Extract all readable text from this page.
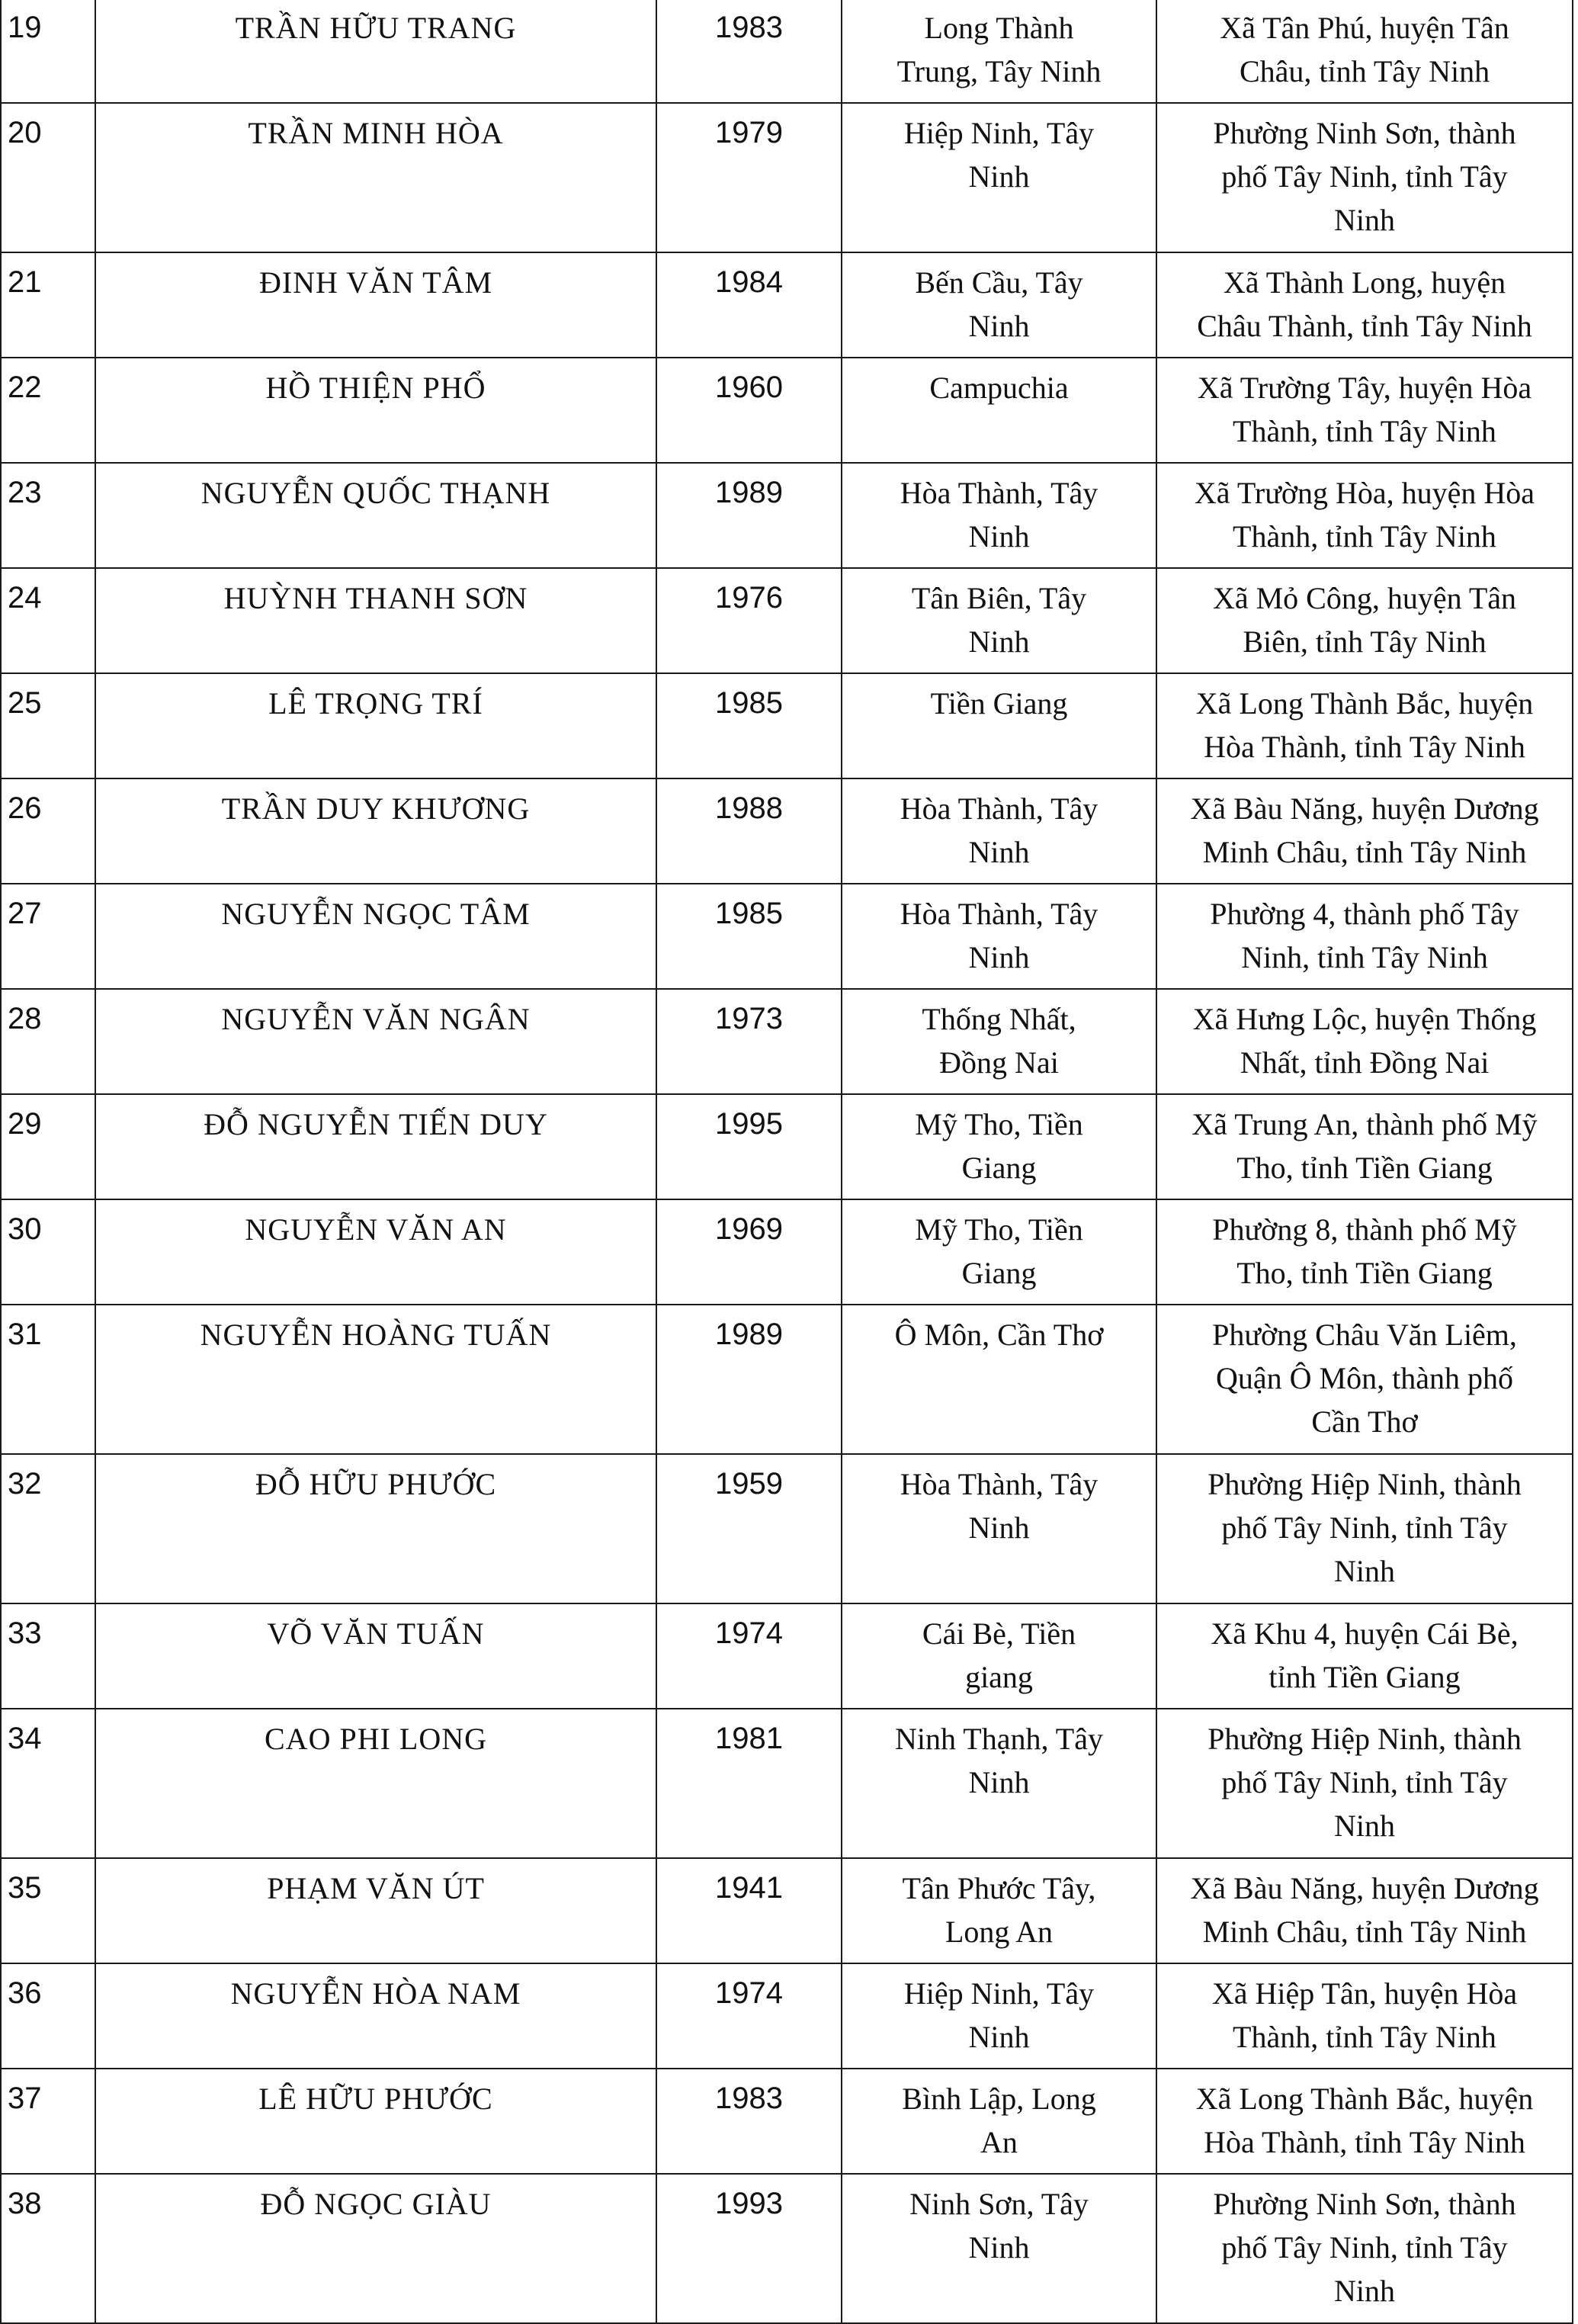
19	TRẦN HỮU TRANG	1983	Long Thành
Trung, Tây Ninh	Xã Tân Phú, huyện Tân
Châu, tỉnh Tây Ninh

20	TRẦN MINH HÒA	1979	Hiệp Ninh, Tây
Ninh	Phường Ninh Sơn, thành
phố Tây Ninh, tỉnh Tây
Ninh

21	ĐINH VĂN TÂM	1984	Bến Cầu, Tây
Ninh	Xã Thành Long, huyện
Châu Thành, tỉnh Tây Ninh

22	HỒ THIỆN PHỔ	1960	Campuchia	Xã Trường Tây, huyện Hòa
Thành, tỉnh Tây Ninh

23	NGUYỄN QUỐC THẠNH	1989	Hòa Thành, Tây
Ninh	Xã Trường Hòa, huyện Hòa
Thành, tỉnh Tây Ninh

24	HUỲNH THANH SƠN	1976	Tân Biên, Tây
Ninh	Xã Mỏ Công, huyện Tân
Biên, tỉnh Tây Ninh

25	LÊ TRỌNG TRÍ	1985	Tiền Giang	Xã Long Thành Bắc, huyện
Hòa Thành, tỉnh Tây Ninh

26	TRẦN DUY KHƯƠNG	1988	Hòa Thành, Tây
Ninh	Xã Bàu Năng, huyện Dương
Minh Châu, tỉnh Tây Ninh

27	NGUYỄN NGỌC TÂM	1985	Hòa Thành, Tây
Ninh	Phường 4, thành phố Tây
Ninh, tỉnh Tây Ninh

28	NGUYỄN VĂN NGÂN	1973	Thống Nhất,
Đồng Nai	Xã Hưng Lộc, huyện Thống
Nhất, tỉnh Đồng Nai

29	ĐỖ NGUYỄN TIẾN DUY	1995	Mỹ Tho, Tiền
Giang	Xã Trung An, thành phố Mỹ
Tho, tỉnh Tiền Giang

30	NGUYỄN VĂN AN	1969	Mỹ Tho, Tiền
Giang	Phường 8, thành phố Mỹ
Tho, tỉnh Tiền Giang

31	NGUYỄN HOÀNG TUẤN	1989	Ô Môn, Cần Thơ	Phường Châu Văn Liêm,
Quận Ô Môn, thành phố
Cần Thơ

32	ĐỖ HỮU PHƯỚC	1959	Hòa Thành, Tây
Ninh	Phường Hiệp Ninh, thành
phố Tây Ninh, tỉnh Tây
Ninh

33	VÕ VĂN TUẤN	1974	Cái Bè, Tiền
giang	Xã Khu 4, huyện Cái Bè,
tỉnh Tiền Giang

34	CAO PHI LONG	1981	Ninh Thạnh, Tây
Ninh	Phường Hiệp Ninh, thành
phố Tây Ninh, tỉnh Tây
Ninh

35	PHẠM VĂN ÚT	1941	Tân Phước Tây,
Long An	Xã Bàu Năng, huyện Dương
Minh Châu, tỉnh Tây Ninh

36	NGUYỄN HÒA NAM	1974	Hiệp Ninh, Tây
Ninh	Xã Hiệp Tân, huyện Hòa
Thành, tỉnh Tây Ninh

37	LÊ HỮU PHƯỚC	1983	Bình Lập, Long
An	Xã Long Thành Bắc, huyện
Hòa Thành, tỉnh Tây Ninh

38	ĐỖ NGỌC GIÀU	1993	Ninh Sơn, Tây
Ninh	Phường Ninh Sơn, thành
phố Tây Ninh, tỉnh Tây
Ninh
